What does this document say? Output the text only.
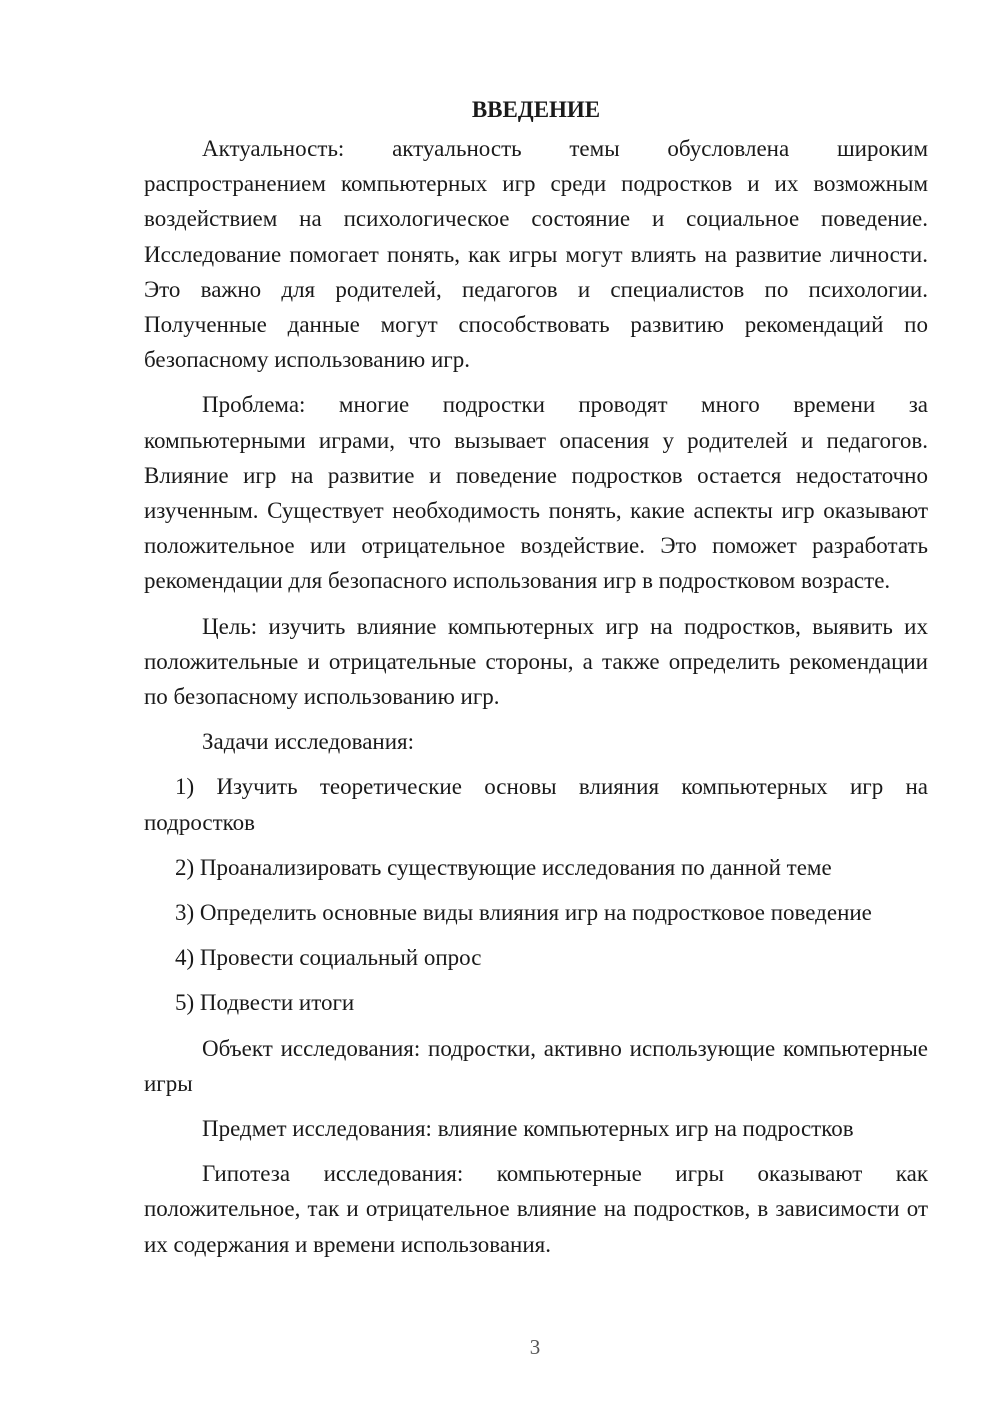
ВВЕДЕНИЕ

Актуальность: актуальность темы обусловлена широким распространением компьютерных игр среди подростков и их возможным воздействием на психологическое состояние и социальное поведение. Исследование помогает понять, как игры могут влиять на развитие личности. Это важно для родителей, педагогов и специалистов по психологии. Полученные данные могут способствовать развитию рекомендаций по безопасному использованию игр.

Проблема: многие подростки проводят много времени за компьютерными играми, что вызывает опасения у родителей и педагогов. Влияние игр на развитие и поведение подростков остается недостаточно изученным. Существует необходимость понять, какие аспекты игр оказывают положительное или отрицательное воздействие. Это поможет разработать рекомендации для безопасного использования игр в подростковом возрасте.

Цель: изучить влияние компьютерных игр на подростков, выявить их положительные и отрицательные стороны, а также определить рекомендации по безопасному использованию игр.

Задачи исследования:

1) Изучить теоретические основы влияния компьютерных игр на подростков

2) Проанализировать существующие исследования по данной теме

3) Определить основные виды влияния игр на подростковое поведение

4) Провести социальный опрос

5) Подвести итоги

Объект исследования: подростки, активно использующие компьютерные игры

Предмет исследования: влияние компьютерных игр на подростков

Гипотеза исследования: компьютерные игры оказывают как положительное, так и отрицательное влияние на подростков, в зависимости от их содержания и времени использования.

3
